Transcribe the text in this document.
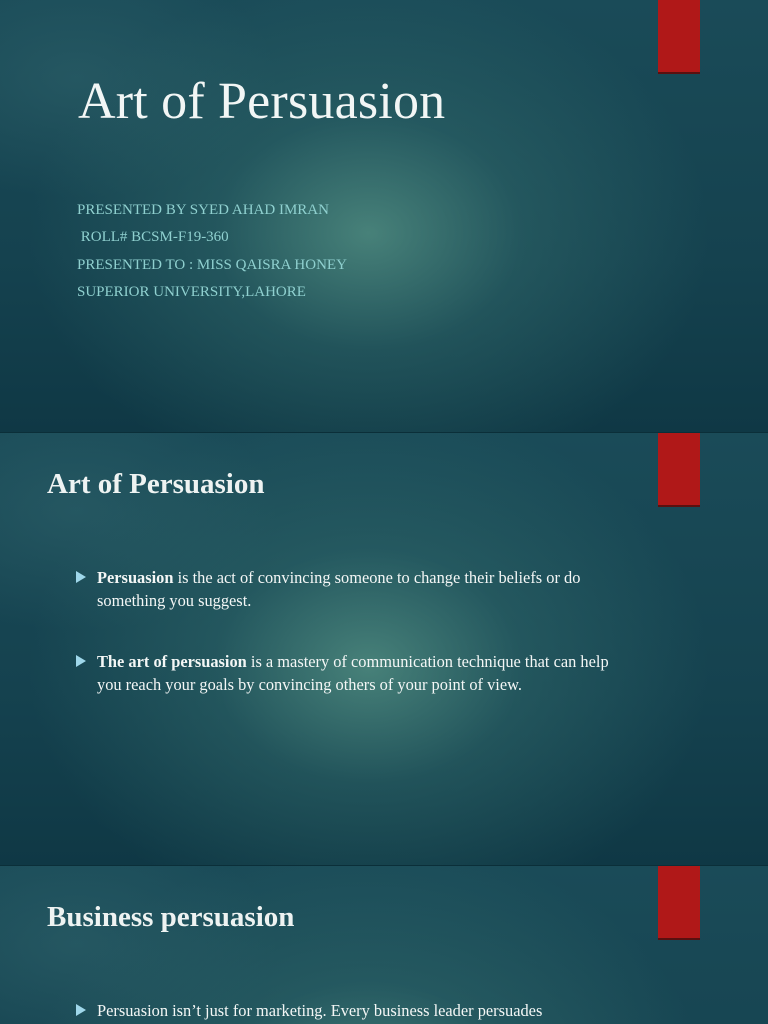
Art of Persuasion
PRESENTED BY SYED AHAD IMRAN
ROLL# BCSM-F19-360
PRESENTED TO : MISS QAISRA HONEY
SUPERIOR UNIVERSITY,LAHORE
Art of Persuasion
Persuasion is the act of convincing someone to change their beliefs or do something you suggest.
The art of persuasion is a mastery of communication technique that can help you reach your goals by convincing others of your point of view.
Business persuasion
Persuasion isn’t just for marketing. Every business leader persuades
